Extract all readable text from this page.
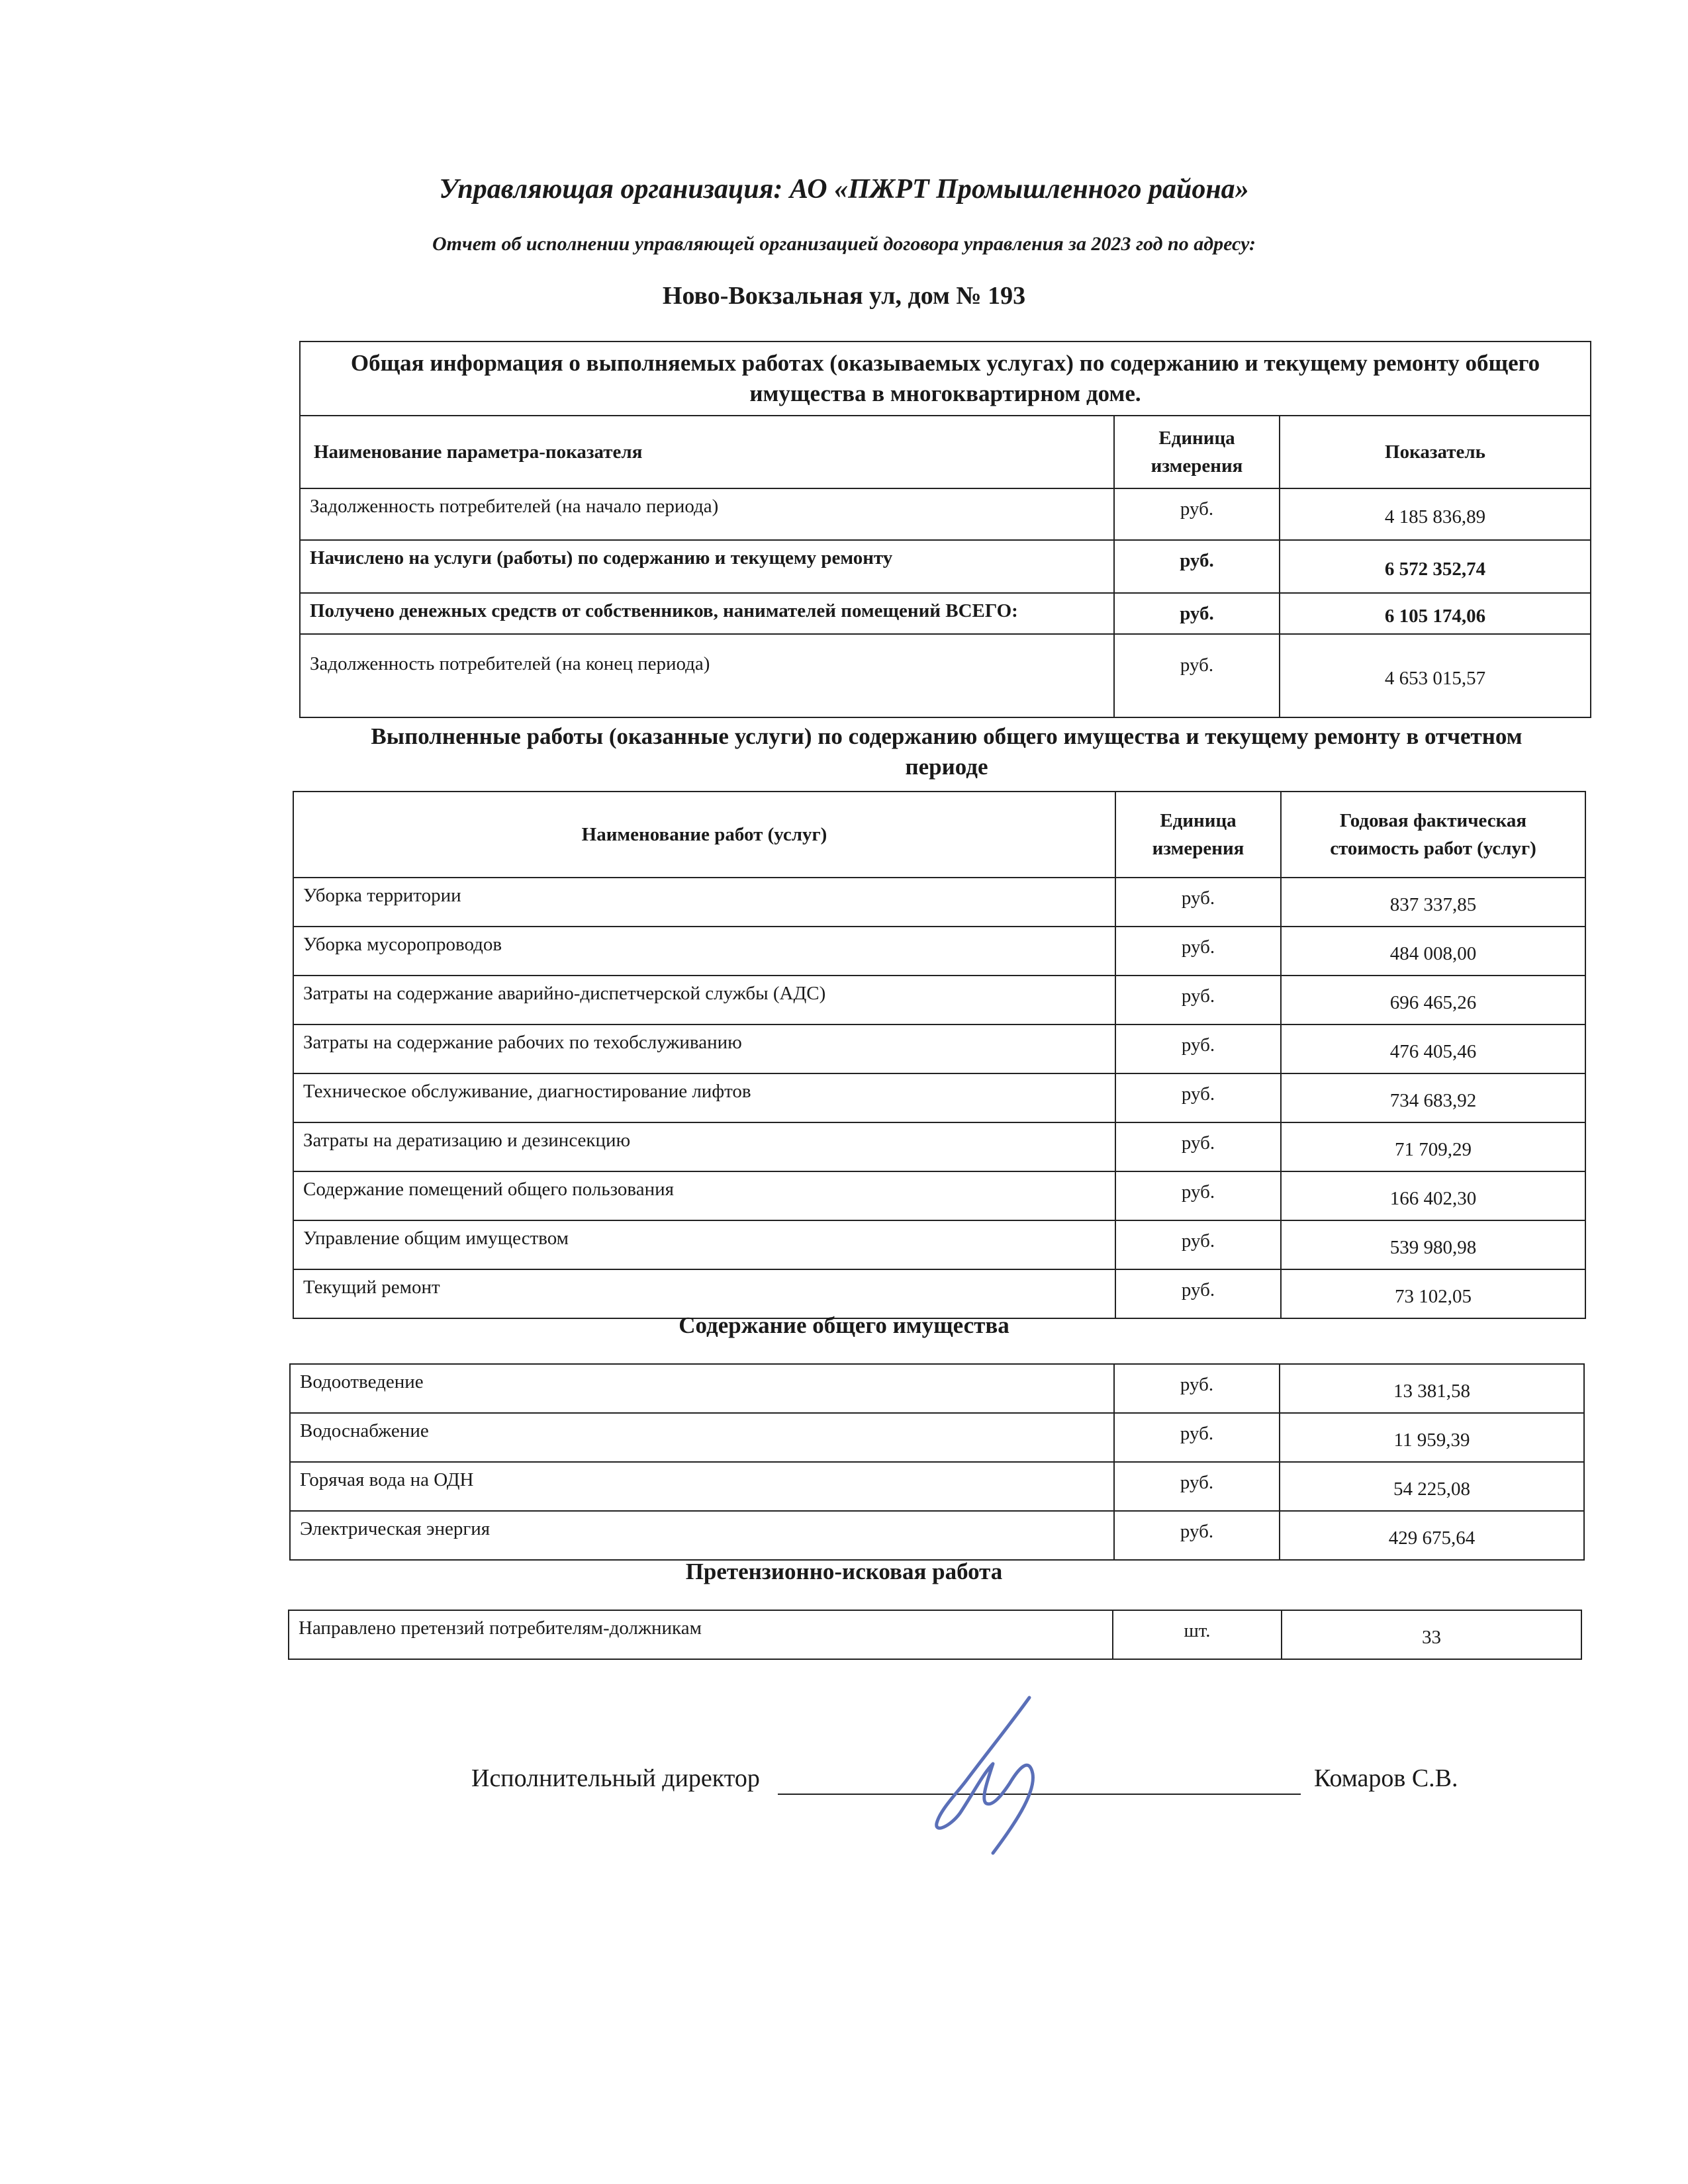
Управляющая организация: АО «ПЖРТ Промышленного района»
Отчет об исполнении управляющей организацией договора управления за 2023 год по адресу:
Ново-Вокзальная ул, дом № 193
Общая информация о выполняемых работах (оказываемых услугах) по содержанию и текущему ремонту общего имущества в многоквартирном доме.		
Наименование параметра-показателя	Единица измерения	Показатель
Задолженность потребителей (на начало периода)	руб.	4 185 836,89
Начислено на услуги (работы) по содержанию и текущему ремонту	руб.	6 572 352,74
Получено денежных средств от собственников, нанимателей помещений ВСЕГО:	руб.	6 105 174,06
Задолженность потребителей (на конец периода)	руб.	4 653 015,57
Выполненные работы (оказанные услуги) по содержанию общего имущества и текущему ремонту в отчетном периоде
Наименование работ (услуг)	Единица измерения	Годовая фактическая стоимость работ (услуг)
Уборка территории	руб.	837 337,85
Уборка мусоропроводов	руб.	484 008,00
Затраты на содержание аварийно-диспетчерской службы (АДС)	руб.	696 465,26
Затраты на содержание рабочих по техобслуживанию	руб.	476 405,46
Техническое обслуживание, диагностирование лифтов	руб.	734 683,92
Затраты на дератизацию и дезинсекцию	руб.	71 709,29
Содержание помещений общего пользования	руб.	166 402,30
Управление общим имуществом	руб.	539 980,98
Текущий ремонт	руб.	73 102,05
Содержание общего имущества
Водоотведение	руб.	13 381,58
Водоснабжение	руб.	11 959,39
Горячая вода на ОДН	руб.	54 225,08
Электрическая энергия	руб.	429 675,64
Претензионно-исковая работа
Направлено претензий потребителям-должникам	шт.	33
Исполнительный директор	Комаров С.В.
